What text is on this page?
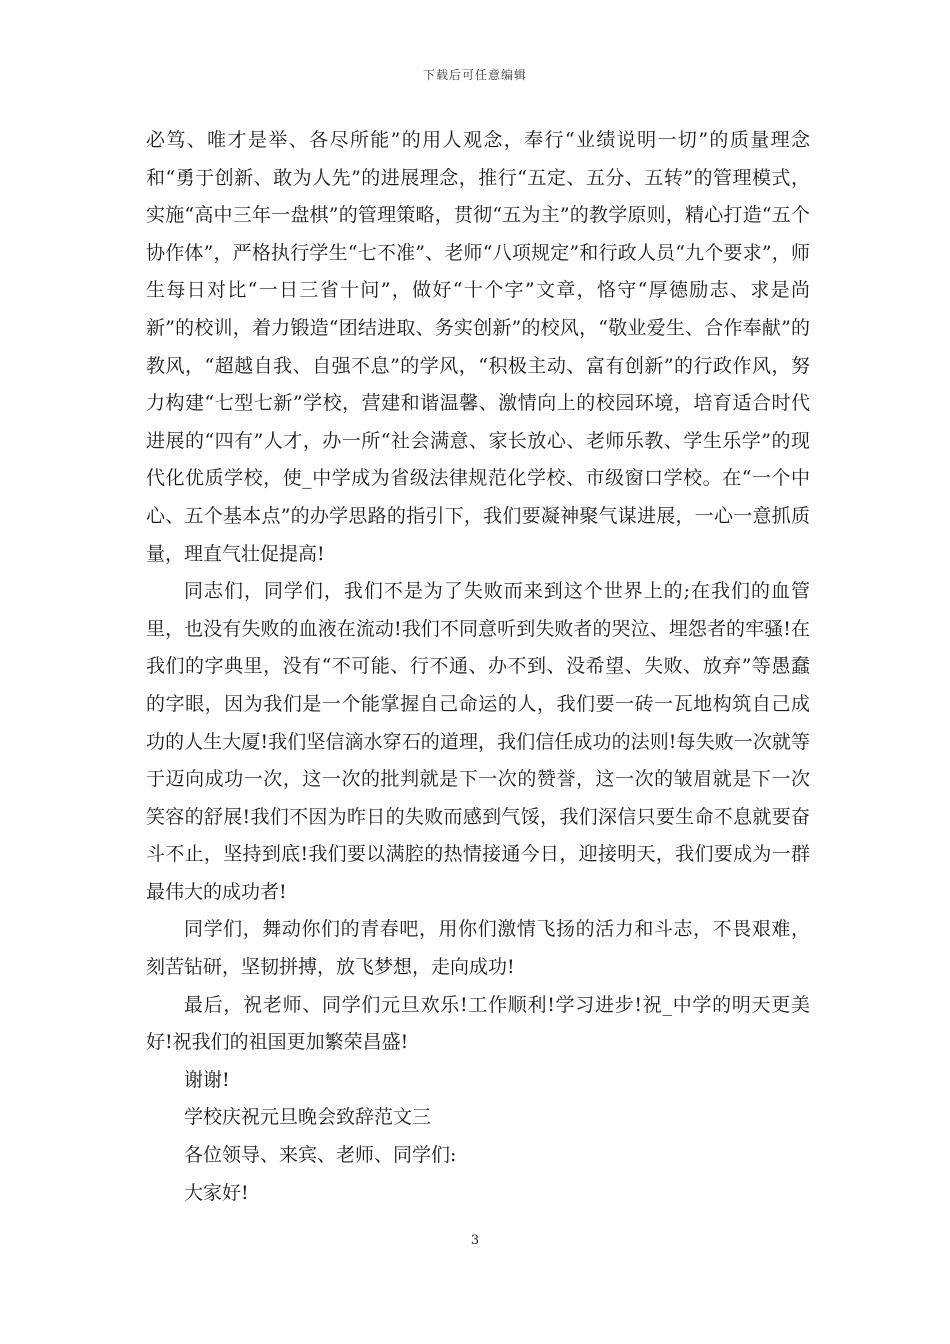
下载后可任意编辑

必笃、唯才是举、各尽所能”的用人观念，奉行“业绩说明一切”的质量理念和“勇于创新、敢为人先”的进展理念，推行“五定、五分、五转”的管理模式，实施“高中三年一盘棋”的管理策略，贯彻“五为主”的教学原则，精心打造“五个协作体”，严格执行学生“七不准”、老师“八项规定”和行政人员“九个要求”，师生每日对比“一日三省十问”，做好“十个字”文章，恪守“厚德励志、求是尚新”的校训，着力锻造“团结进取、务实创新”的校风，“敬业爱生、合作奉献”的教风，“超越自我、自强不息”的学风，“积极主动、富有创新”的行政作风，努力构建“七型七新”学校，营建和谐温馨、激情向上的校园环境，培育适合时代进展的“四有”人才，办一所“社会满意、家长放心、老师乐教、学生乐学”的现代化优质学校，使_中学成为省级法律规范化学校、市级窗口学校。在“一个中心、五个基本点”的办学思路的指引下，我们要凝神聚气谋进展，一心一意抓质量，理直气壮促提高!

同志们，同学们，我们不是为了失败而来到这个世界上的;在我们的血管里，也没有失败的血液在流动!我们不同意听到失败者的哭泣、埋怨者的牢骚!在我们的字典里，没有“不可能、行不通、办不到、没希望、失败、放弃”等愚蠢的字眼，因为我们是一个能掌握自己命运的人，我们要一砖一瓦地构筑自己成功的人生大厦!我们坚信滴水穿石的道理，我们信任成功的法则!每失败一次就等于迈向成功一次，这一次的批判就是下一次的赞誉，这一次的皱眉就是下一次笑容的舒展!我们不因为昨日的失败而感到气馁，我们深信只要生命不息就要奋斗不止，坚持到底!我们要以满腔的热情接通今日，迎接明天，我们要成为一群最伟大的成功者!

同学们，舞动你们的青春吧，用你们激情飞扬的活力和斗志，不畏艰难，刻苦钻研，坚韧拼搏，放飞梦想，走向成功!

最后，祝老师、同学们元旦欢乐!工作顺利!学习进步!祝_中学的明天更美好!祝我们的祖国更加繁荣昌盛!

谢谢!

学校庆祝元旦晚会致辞范文三

各位领导、来宾、老师、同学们:

大家好!

3
